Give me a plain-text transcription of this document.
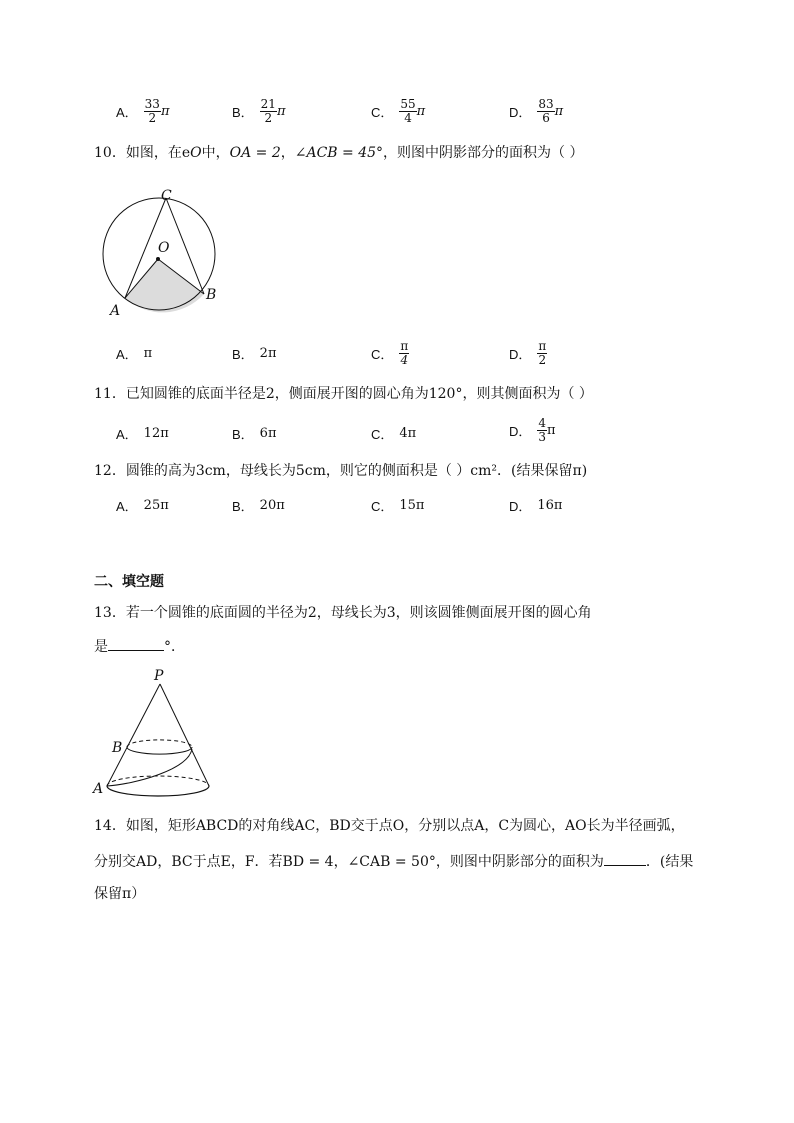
A． $\frac{33}{2}$ π	B． $\frac{21}{2}$ π	C． $\frac{55}{4}$ π	D． $\frac{83}{6}$ π
10．如图，在eO中，OA = 2，∠ACB = 45°，则图中阴影部分的面积为（ ）
C
O
A
B
A． π	B． 2π	C． $\frac{\pi}{4}$	D． $\frac{\pi}{2}$
11．已知圆锥的底面半径是2，侧面展开图的圆心角为120°，则其侧面积为（ ）
A． 12π	B． 6π	C． 4π	D． $\frac{4}{3}$ π
12．圆锥的高为3cm，母线长为5cm，则它的侧面积是（ ）cm²．(结果保留π)
A． 25π	B． 20π	C． 15π	D． 16π
二、填空题
13．若一个圆锥的底面圆的半径为2，母线长为3，则该圆锥侧面展开图的圆心角
是	°．
P
B
A
14．如图，矩形ABCD的对角线AC，BD交于点O，分别以点A，C为圆心，AO长为半径画弧，
分别交AD，BC于点E，F．若BD = 4，∠CAB = 50°，则图中阴影部分的面积为	．(结果
保留π）
